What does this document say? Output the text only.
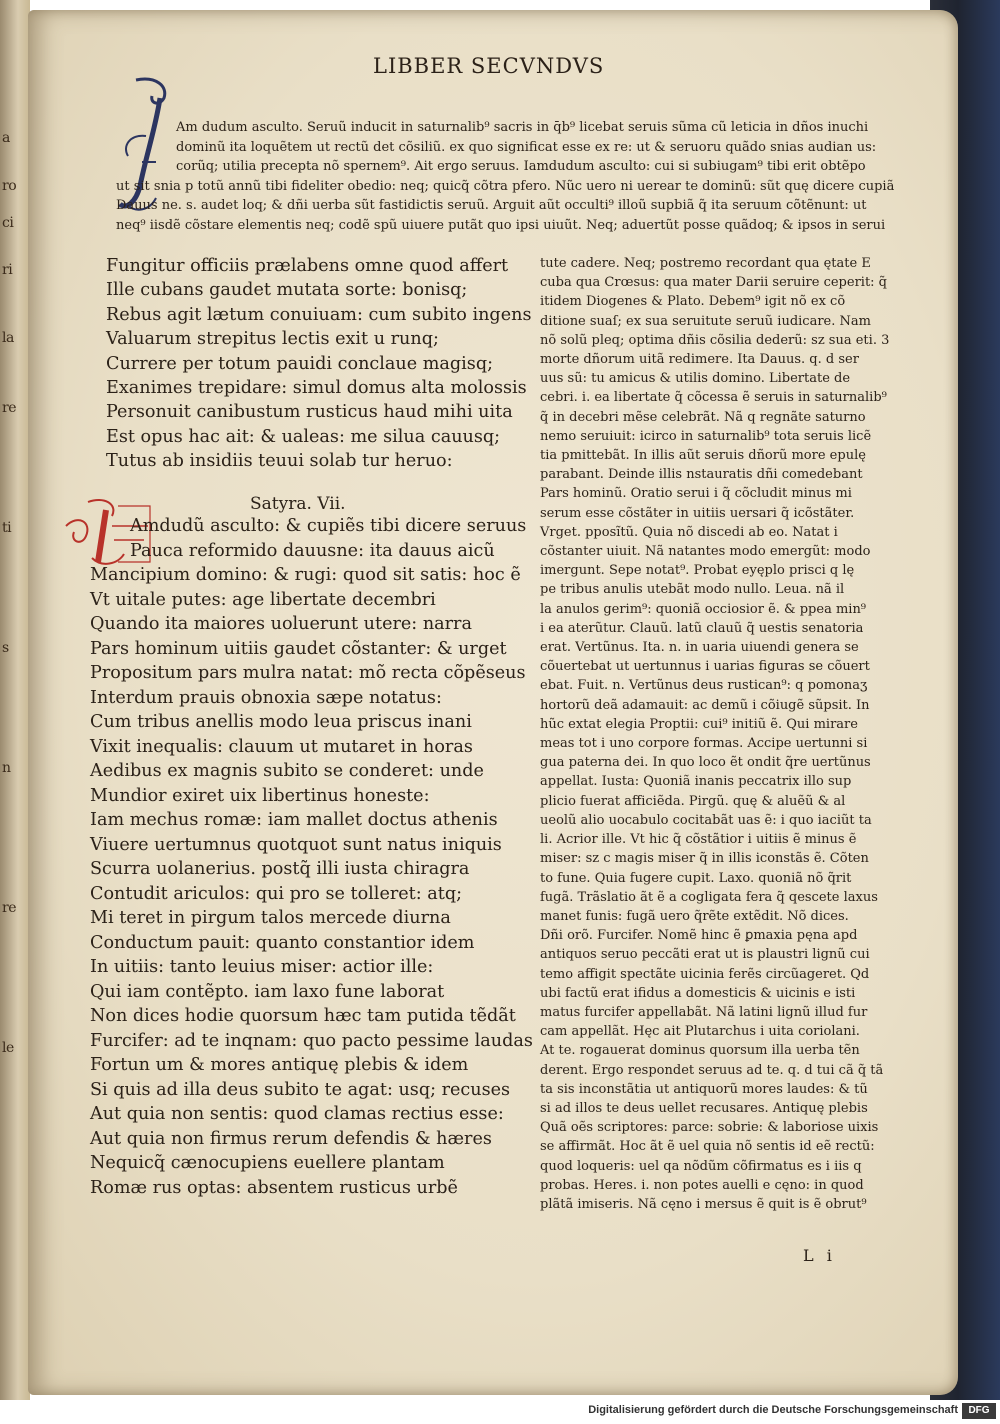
a
ro
ci
ri
la
re
ti
s
n
re
le
LIBBER SECVNDVS
Am dudum asculto. Seruũ inducit in saturnalib⁹ sacris in q̄b⁹ licebat seruis sũma cũ leticia in dños inuchi
dominũ ita loquẽtem ut rectũ det cõsiliũ. ex quo significat esse ex re: ut & seruoru quãdo snias audian us:
corũq; utilia precepta nõ spernem⁹. Ait ergo seruus. Iamdudum asculto: cui si subiugam⁹ tibi erit obtẽpo
ut sit snia p totũ annũ tibi fideliter obedio: neq; quicq̃ cõtra pfero. Nũc uero ni uerear te dominũ: sũt quę dicere cupiã
Dauus ne. s. audet loq; & dñi uerba sũt fastidictis seruũ. Arguit aũt occulti⁹ illoũ supbiã q̃ ita seruum cõtẽnunt: ut
neq⁹ iisdẽ cõstare elementis neq; codẽ spũ uiuere putãt quo ipsi uiuũt. Neq; aduertũt posse quãdoq; & ipsos in serui
Fungitur officiis prælabens omne quod affert
Ille cubans gaudet mutata sorte: bonisq;
Rebus agit lætum conuiuam: cum subito ingens
Valuarum strepitus lectis exit u runq;
Currere per totum pauidi conclaue magisq;
Exanimes trepidare: simul domus alta molossis
Personuit canibustum rusticus haud mihi uita
Est opus hac ait: & ualeas: me silua cauusq;
Tutus ab insidiis teuui solab tur heruo:
Satyra. Vii.
Amdudũ asculto: & cupiẽs tibi dicere seruus
Pauca reformido dauusne: ita dauus aicũ
Mancipium domino: & rugi: quod sit satis: hoc ẽ
Vt uitale putes: age libertate decembri
Quando ita maiores uoluerunt utere: narra
Pars hominum uitiis gaudet cõstanter: & urget
Propositum pars mulra natat: mõ recta cõpẽseus
Interdum prauis obnoxia sæpe notatus:
Cum tribus anellis modo leua priscus inani
Vixit inequalis: clauum ut mutaret in horas
Aedibus ex magnis subito se conderet: unde
Mundior exiret uix libertinus honeste:
Iam mechus romæ: iam mallet doctus athenis
Viuere uertumnus quotquot sunt natus iniquis
Scurra uolanerius. postq̃ illi iusta chiragra
Contudit ariculos: qui pro se tolleret: atq;
Mi teret in pirgum talos mercede diurna
Conductum pauit: quanto constantior idem
In uitiis: tanto leuius miser: actior ille:
Qui iam contẽpto. iam laxo fune laborat
Non dices hodie quorsum hæc tam putida tẽdãt
Furcifer: ad te inqnam: quo pacto pessime laudas
Fortun um & mores antiquę plebis & idem
Si quis ad illa deus subito te agat: usq; recuses
Aut quia non sentis: quod clamas rectius esse:
Aut quia non firmus rerum defendis & hæres
Nequicq̃ cænocupiens euellere plantam
Romæ rus optas: absentem rusticus urbẽ
tute cadere. Neq; postremo recordant qua ętate E
cuba qua Crœsus: qua mater Darii seruire ceperit: q̃
itidem Diogenes & Plato. Debem⁹ igit nõ ex cõ
ditione suaſ; ex sua seruitute seruũ iudicare. Nam
nõ solũ pleq; optima dñis cõsilia dederũ: sz sua eti. 3
morte dñorum uitã redimere. Ita Dauus. q. d ser
uus sũ: tu amicus & utilis domino. Libertate de
cebri. i. ea libertate q̃ cõcessa ẽ seruis in saturnalib⁹
q̃ in decebri mẽse celebrãt. Nã q regnãte saturno
nemo seruiuit: icirco in saturnalib⁹ tota seruis licẽ
tia pmittebãt. In illis aũt seruis dñorũ more epulę
parabant. Deinde illis nstauratis dñi comedebant
Pars hominũ. Oratio serui i q̃ cõcludit minus mi
serum esse cõstãter in uitiis uersari q̃ icõstãter.
Vrget. pposĩtũ. Quia nõ discedi ab eo. Natat i
cõstanter uiuit. Nã natantes modo emergũt: modo
imergunt. Sepe notat⁹. Probat eyęplo prisci q lę
pe tribus anulis utebãt modo nullo. Leua. nã il
la anulos gerim⁹: quoniã occiosior ẽ. & ppea min⁹
i ea aterũtur. Clauũ. latũ clauũ q̃ uestis senatoria
erat. Vertũnus. Ita. n. in uaria uiuendi genera se
cõuertebat ut uertunnus i uarias figuras se cõuert
ebat. Fuit. n. Vertũnus deus rustican⁹: q pomonaʒ
hortorũ deã adamauit: ac demũ i cõiugẽ sũpsit. In
hũc extat elegia Proptii: cui⁹ initiũ ẽ. Qui mirare
meas tot i uno corpore formas. Accipe uertunni si
gua paterna dei. In quo loco ẽt ondit q̃re uertũnus
appellat. Iusta: Quoniã inanis peccatrix illo sup
plicio fuerat afficiẽda. Pirgũ. quę & aluẽũ & al
ueolũ alio uocabulo cocitabãt uas ẽ: i quo iaciũt ta
li. Acrior ille. Vt hic q̃ cõstãtior i uitiis ẽ minus ẽ
miser: sz c magis miser q̃ in illis iconstãs ẽ. Cõten
to fune. Quia fugere cupit. Laxo. quoniã nõ q̃rit
fugã. Trãslatio ãt ẽ a cogligata fera q̃ qescete laxus
manet funis: fugã uero q̃rẽte extẽdit. Nõ dices.
Dñi orõ. Furcifer. Nomẽ hinc ẽ ꝑmaxia pęna apd
antiquos seruo peccãti erat ut is plaustri lignũ cui
temo affigit spectãte uicinia ferẽs circũageret. Qd
ubi factũ erat ifidus a domesticis & uicinis e isti
matus furcifer appellabãt. Nã latini lignũ illud fur
cam appellãt. Hęc ait Plutarchus i uita coriolani.
At te. rogauerat dominus quorsum illa uerba tẽn
derent. Ergo respondet seruus ad te. q. d tui cã q̃ tã
ta sis inconstãtia ut antiquorũ mores laudes: & tũ
si ad illos te deus uellet recusares. Antiquę plebis
Quã oẽs scriptores: parce: sobrie: & laboriose uixis
se affirmãt. Hoc ãt ẽ uel quia nõ sentis id eẽ rectũ:
quod loqueris: uel qa nõdũm cõfirmatus es i iis q
probas. Heres. i. non potes auelli e cęno: in quod
plãtã imiseris. Nã cęno i mersus ẽ quit is ẽ obrut⁹
L i
Digitalisierung gefördert durch die Deutsche Forschungsgemeinschaft	DFG
